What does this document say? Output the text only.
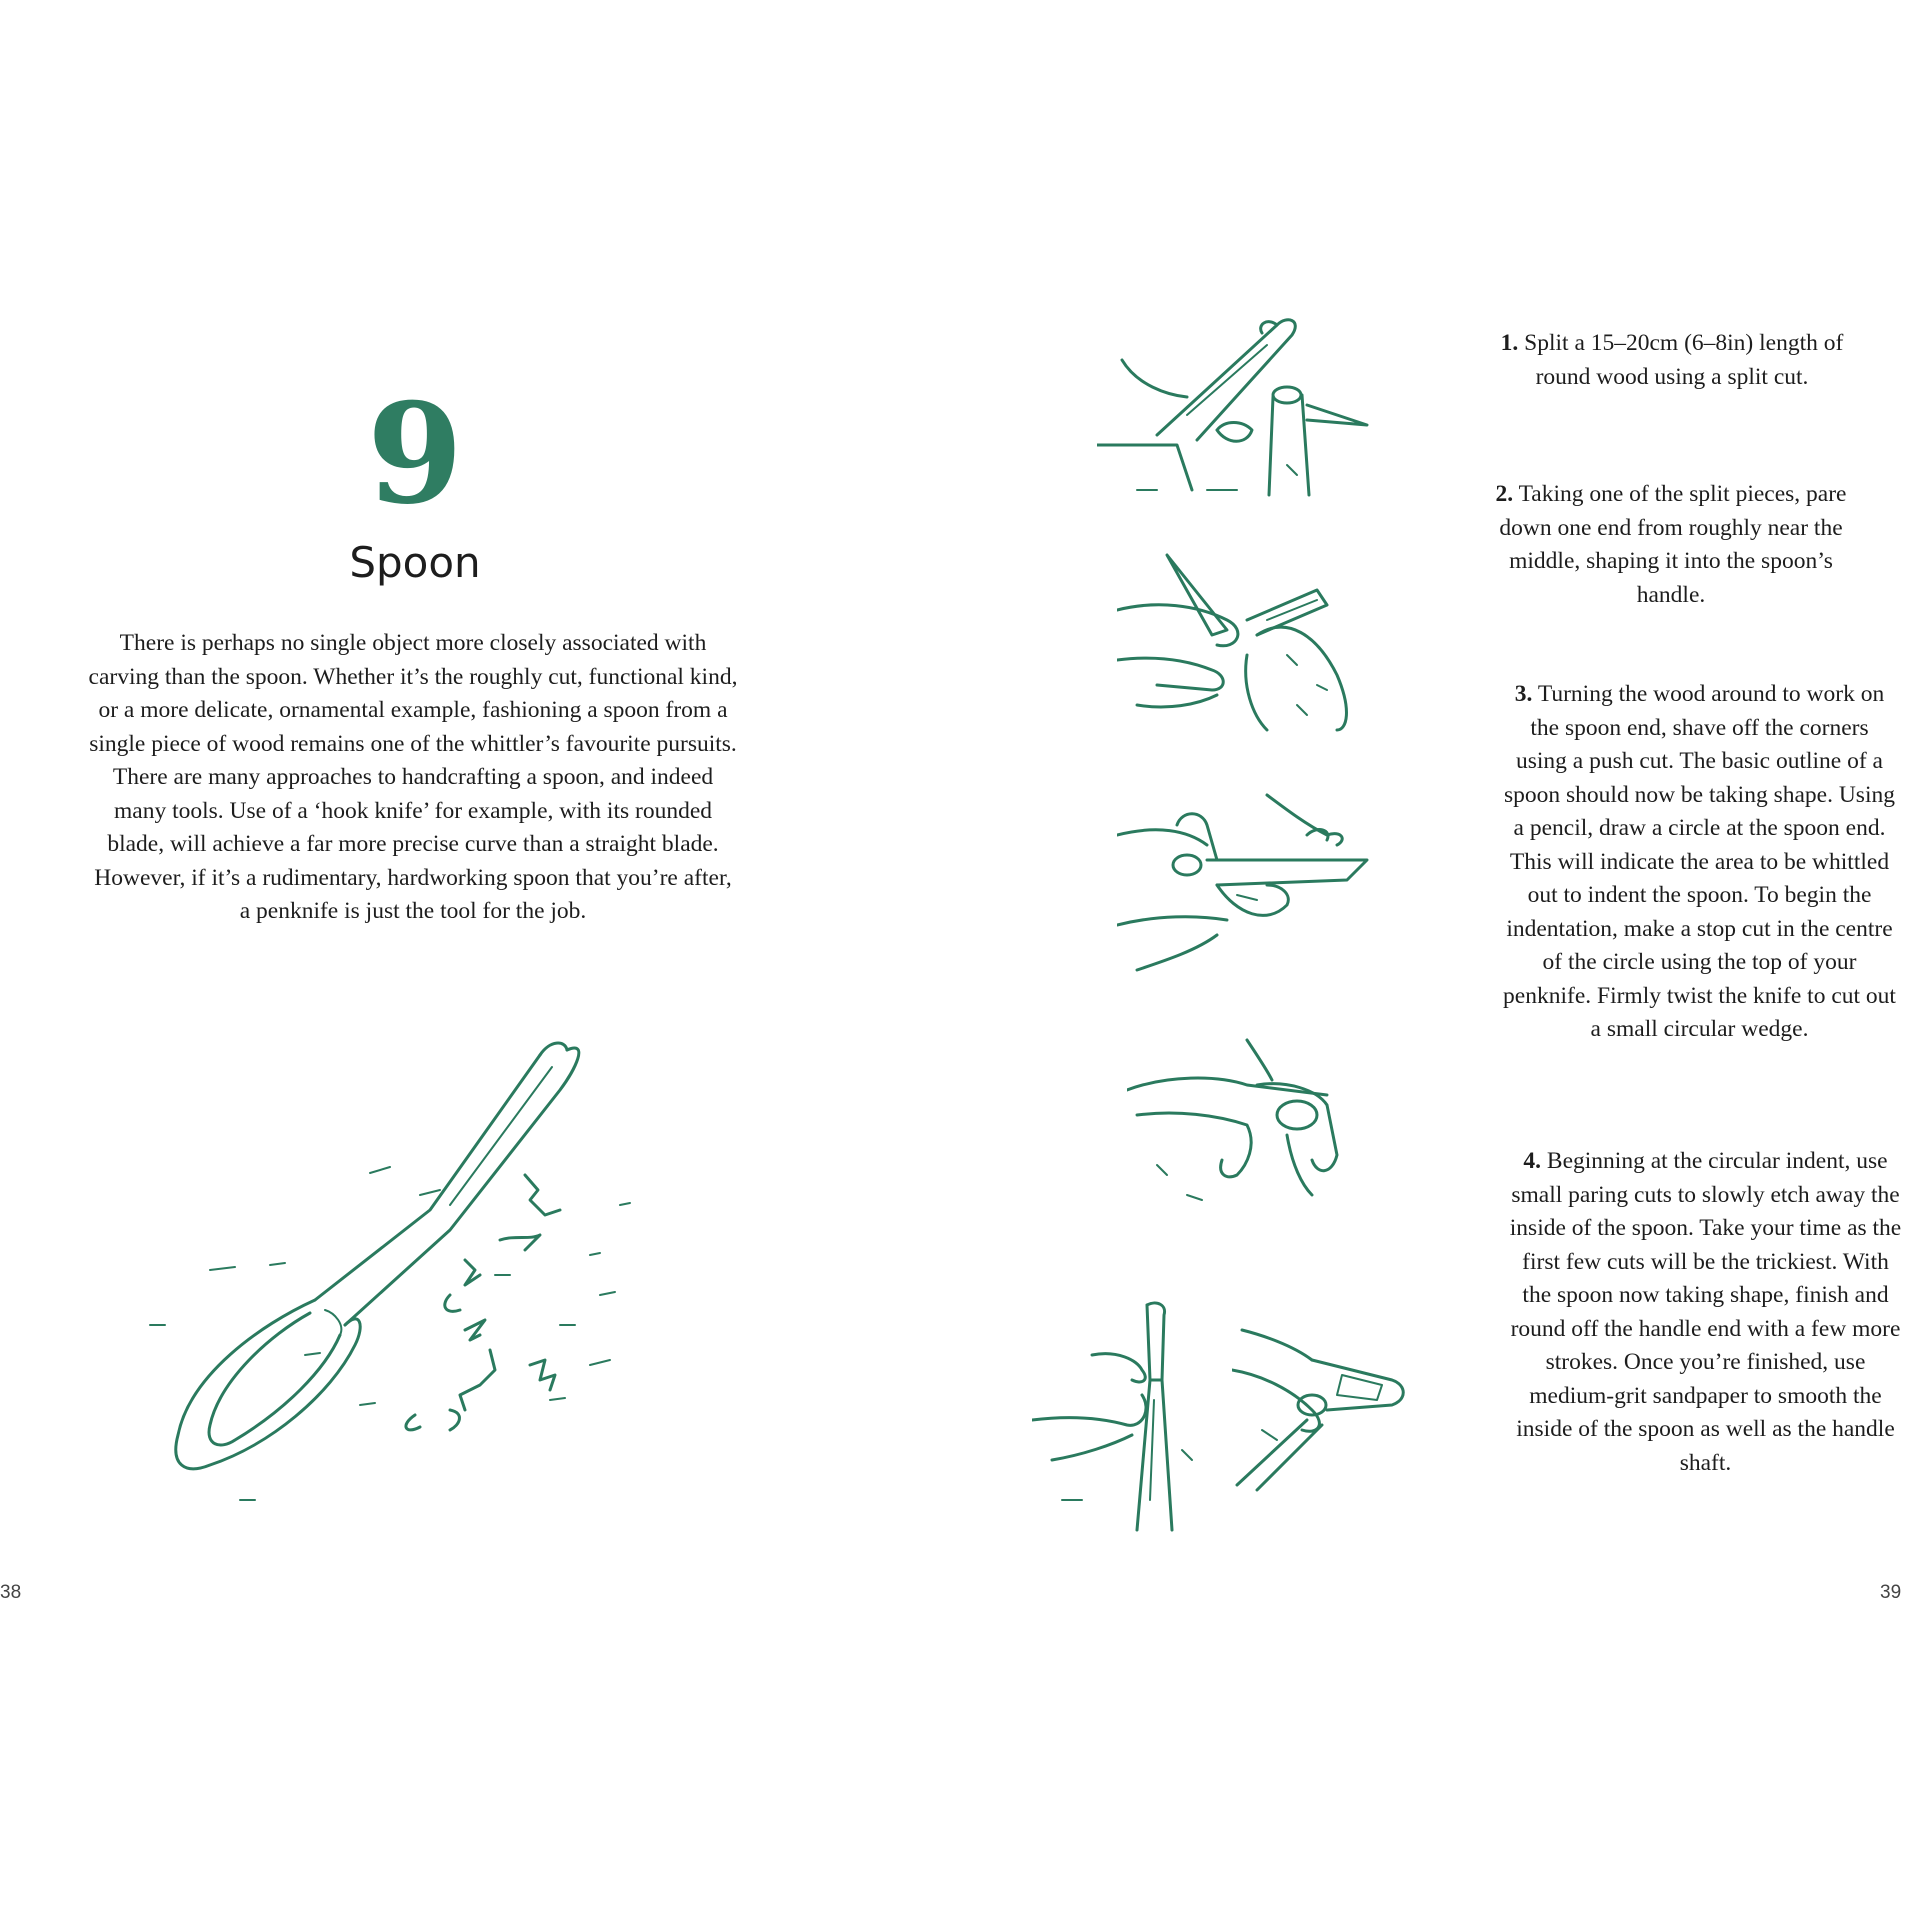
9
Spoon

There is perhaps no single object more closely associated with carving than the spoon. Whether it’s the roughly cut, functional kind, or a more delicate, ornamental example, fashioning a spoon from a single piece of wood remains one of the whittler’s favourite pursuits. There are many approaches to handcrafting a spoon, and indeed many tools. Use of a ‘hook knife’ for example, with its rounded blade, will achieve a far more precise curve than a straight blade. However, if it’s a rudimentary, hardworking spoon that you’re after, a penknife is just the tool for the job.

38

1. Split a 15–20cm (6–8in) length of round wood using a split cut.

2. Taking one of the split pieces, pare down one end from roughly near the middle, shaping it into the spoon’s handle.

3. Turning the wood around to work on the spoon end, shave off the corners using a push cut. The basic outline of a spoon should now be taking shape. Using a pencil, draw a circle at the spoon end. This will indicate the area to be whittled out to indent the spoon. To begin the indentation, make a stop cut in the centre of the circle using the top of your penknife. Firmly twist the knife to cut out a small circular wedge.

4. Beginning at the circular indent, use small paring cuts to slowly etch away the inside of the spoon. Take your time as the first few cuts will be the trickiest. With the spoon now taking shape, finish and round off the handle end with a few more strokes. Once you’re finished, use medium-grit sandpaper to smooth the inside of the spoon as well as the handle shaft.

39
